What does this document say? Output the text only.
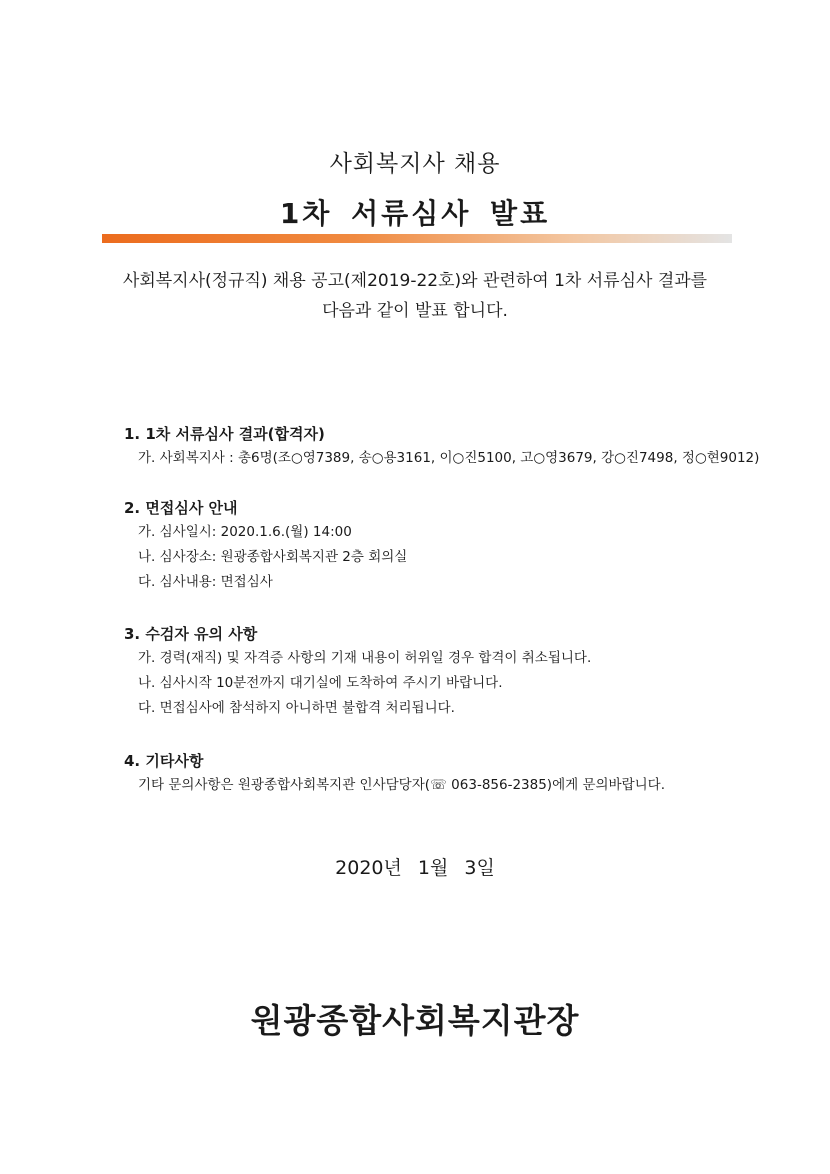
사회복지사 채용
1차 서류심사 발표
사회복지사(정규직) 채용 공고(제2019-22호)와 관련하여 1차 서류심사 결과를
다음과 같이 발표 합니다.
1. 1차 서류심사 결과(합격자)
가. 사회복지사 : 총6명(조○영7389, 송○용3161, 이○진5100, 고○영3679, 강○진7498, 정○현9012)
2. 면접심사 안내
가. 심사일시: 2020.1.6.(월) 14:00
나. 심사장소: 원광종합사회복지관 2층 회의실
다. 심사내용: 면접심사
3. 수검자 유의 사항
가. 경력(재직) 및 자격증 사항의 기재 내용이 허위일 경우 합격이 취소됩니다.
나. 심사시작 10분전까지 대기실에 도착하여 주시기 바랍니다.
다. 면접심사에 참석하지 아니하면 불합격 처리됩니다.
4. 기타사항
기타 문의사항은 원광종합사회복지관 인사담당자(☏ 063-856-2385)에게 문의바랍니다.
2020년 1월 3일
원광종합사회복지관장
